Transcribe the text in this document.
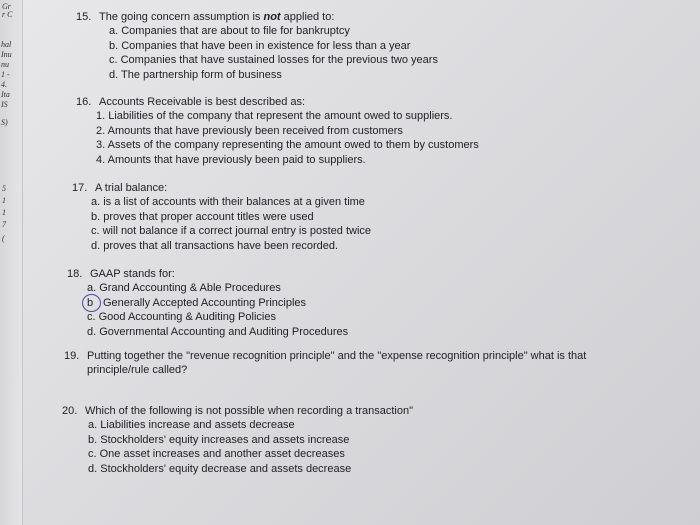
Gr
r C
hal
Inu
nu
1 -
4.
Ita
IS
S)
5
1
1
7
(
15. The going concern assumption is not applied to:
a. Companies that are about to file for bankruptcy
b. Companies that have been in existence for less than a year
c. Companies that have sustained losses for the previous two years
d. The partnership form of business
16. Accounts Receivable is best described as:
1. Liabilities of the company that represent the amount owed to suppliers.
2. Amounts that have previously been received from customers
3. Assets of the company representing the amount owed to them by customers
4. Amounts that have previously been paid to suppliers.
17. A trial balance:
a. is a list of accounts with their balances at a given time
b. proves that proper account titles were used
c. will not balance if a correct journal entry is posted twice
d. proves that all transactions have been recorded.
18. GAAP stands for:
a. Grand Accounting & Able Procedures
b Generally Accepted Accounting Principles
c. Good Accounting & Auditing Policies
d. Governmental Accounting and Auditing Procedures
19. Putting together the "revenue recognition principle" and the "expense recognition principle" what is that principle/rule called?
20. Which of the following is not possible when recording a transaction"
a. Liabilities increase and assets decrease
b. Stockholders' equity increases and assets increase
c. One asset increases and another asset decreases
d. Stockholders' equity decrease and assets decrease
